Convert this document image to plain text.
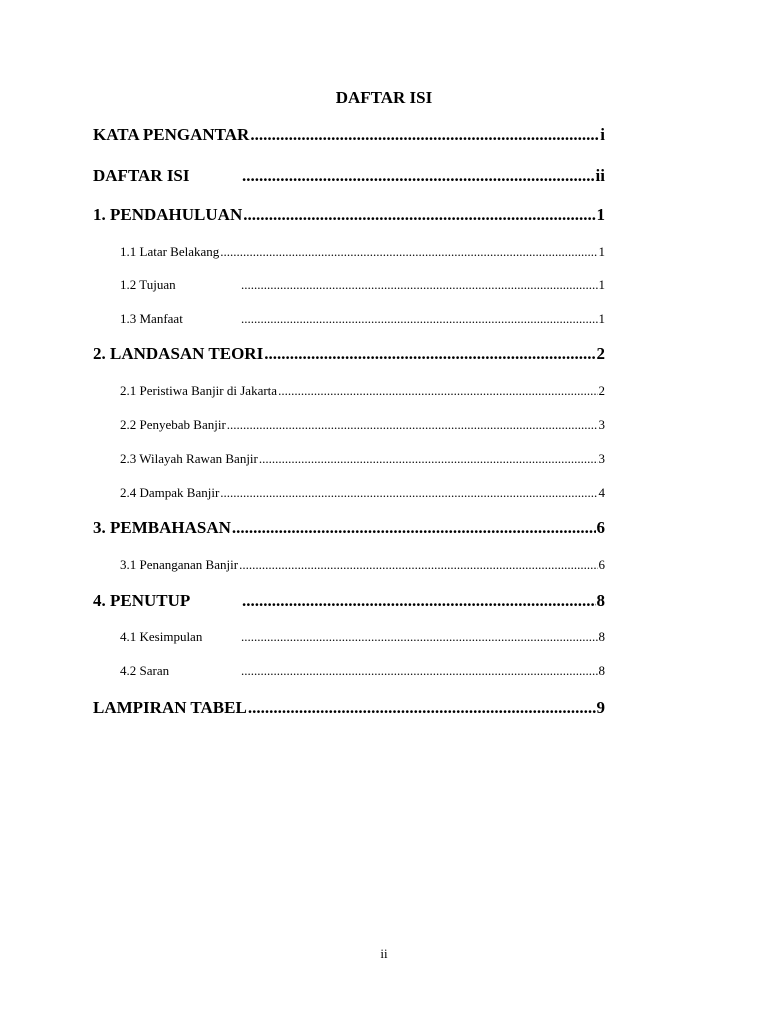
DAFTAR ISI
KATA PENGANTAR .....	i
DAFTAR ISI .....	ii
1. PENDAHULUAN .....	1
1.1 Latar Belakang .....	1
1.2 Tujuan .....	1
1.3 Manfaat .....	1
2. LANDASAN TEORI .....	2
2.1 Peristiwa Banjir di Jakarta .....	2
2.2 Penyebab Banjir .....	3
2.3 Wilayah Rawan Banjir .....	3
2.4 Dampak Banjir .....	4
3. PEMBAHASAN .....	6
3.1 Penanganan Banjir .....	6
4. PENUTUP .....	8
4.1 Kesimpulan .....	8
4.2 Saran .....	8
LAMPIRAN TABEL .....	9
ii
